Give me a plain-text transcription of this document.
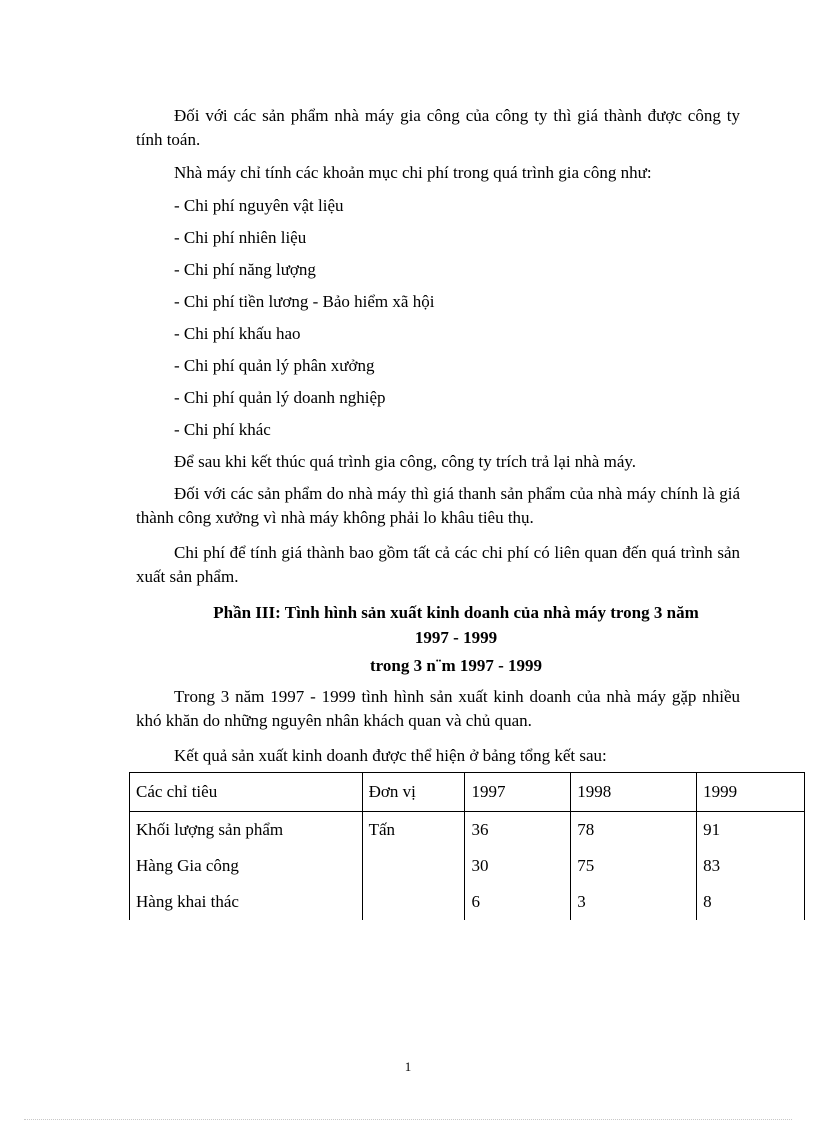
Đối với các sản phẩm nhà máy gia công của công ty thì giá thành được công ty tính toán.

Nhà máy chỉ tính các khoản mục chi phí trong quá trình gia công như:

- Chi phí nguyên vật liệu

- Chi phí nhiên liệu

- Chi phí năng lượng

- Chi phí tiền lương - Bảo hiểm xã hội

- Chi phí khấu hao

- Chi phí quản lý phân xưởng

- Chi phí quản lý doanh nghiệp

- Chi phí khác

Để sau khi kết thúc quá trình gia công, công ty trích trả lại nhà máy.

Đối với các sản phẩm do nhà máy thì giá thanh sản phẩm của nhà máy chính là giá thành công xưởng vì nhà máy không phải lo khâu tiêu thụ.

Chi phí để tính giá thành bao gồm tất cả các chi phí có liên quan đến quá trình sản xuất sản phẩm.

Phần III: Tình hình sản xuất kinh doanh của nhà máy trong 3 năm

1997 - 1999

trong 3 n¨m 1997 - 1999

Trong 3 năm 1997 - 1999 tình hình sản xuất kinh doanh của nhà máy gặp nhiều khó khăn do những nguyên nhân khách quan và chủ quan.

Kết quả sản xuất kinh doanh được thể hiện ở bảng tổng kết sau:

Các chỉ tiêu	Đơn vị	1997	1998	1999
Khối lượng sản phẩm	Tấn	36	78	91
Hàng Gia công		30	75	83
Hàng khai thác		6	3	8
1
